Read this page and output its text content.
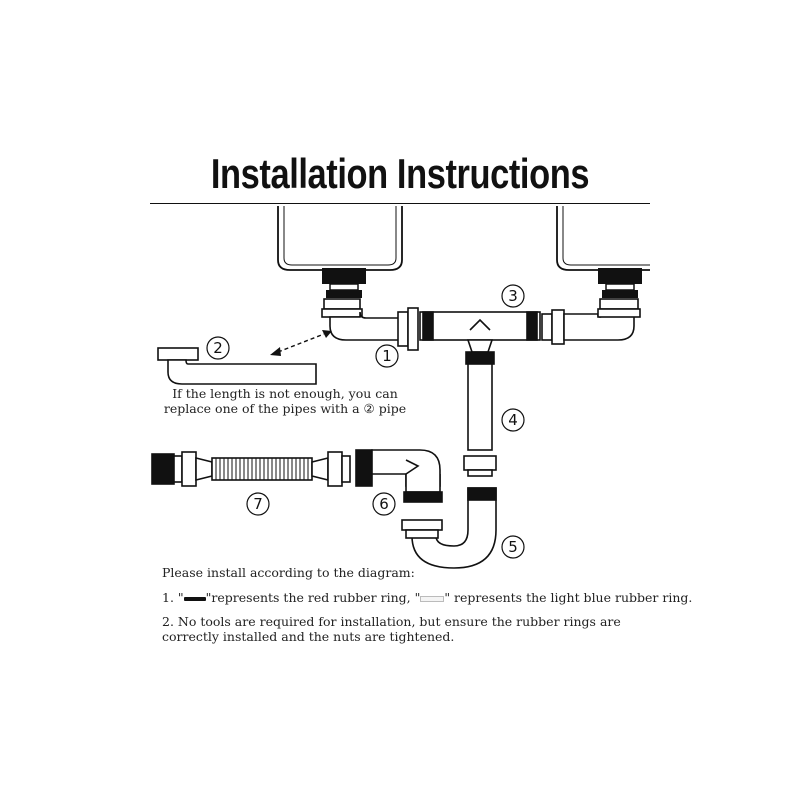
Installation Instructions
1
2
3
4
5
6
7
If the length is not enough, you can
replace one of the pipes with a ② pipe
Please install according to the diagram:
1. " "represents the red rubber ring, " " represents the light blue rubber ring.
2. No tools are required for installation, but ensure the rubber rings are correctly installed and the nuts are tightened.
